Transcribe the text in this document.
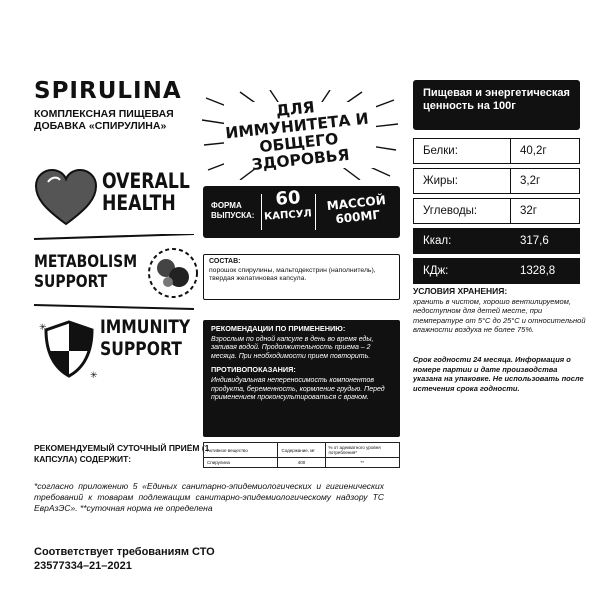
SPIRULINA
КОМПЛЕКСНАЯ ПИЩЕВАЯ ДОБАВКА «СПИРУЛИНА»
OVERALL HEALTH
METABOLISM SUPPORT
✳
✳
IMMUNITY SUPPORT
РЕКОМЕНДУЕМЫЙ СУТОЧНЫЙ ПРИЁМ (1 КАПСУЛА) СОДЕРЖИТ:
ДЛЯ ИММУНИТЕТА И ОБЩЕГО ЗДОРОВЬЯ
ФОРМА ВЫПУСКА:
60
КАПСУЛ
МАССОЙ 600МГ
СОСТАВ:
порошок спирулины, мальтодекстрин (наполнитель), твердая желатиновая капсула.
РЕКОМЕНДАЦИИ ПО ПРИМЕНЕНИЮ:
Взрослым по одной капсуле в день во время еды, запивая водой. Продолжительность приема – 2 месяца. При необходимости прием повторить.
ПРОТИВОПОКАЗАНИЯ:
Индивидуальная непереносимость компонентов продукта, беременность, кормление грудью. Перед применением проконсультироваться с врачом.
Активное вещество	Содержание, мг	% от адекватного уровня потребления*
Спирулина	400	**
*согласно приложению 5 «Единых санитарно-эпидемиологических и гигиенических требований к товарам подлежащим санитарно-эпидемиологическому надзору ТС ЕврАзЭС». **суточная норма не определена
Соответствует требованиям СТО 23577334–21–2021
Пищевая и энергетическая ценность на 100г
Белки:	40,2г
Жиры:	3,2г
Углеводы:	32г
Ккал:	317,6
КДж:	1328,8
УСЛОВИЯ ХРАНЕНИЯ:
хранить в чистом, хорошо вентилируемом, недоступном для детей месте, при температуре от 5°С до 25°С и относительной влажности воздуха не более 75%.
Срок годности 24 месяца. Информация о номере партии и дате производства указана на упаковке. Не использовать после истечения срока годности.
